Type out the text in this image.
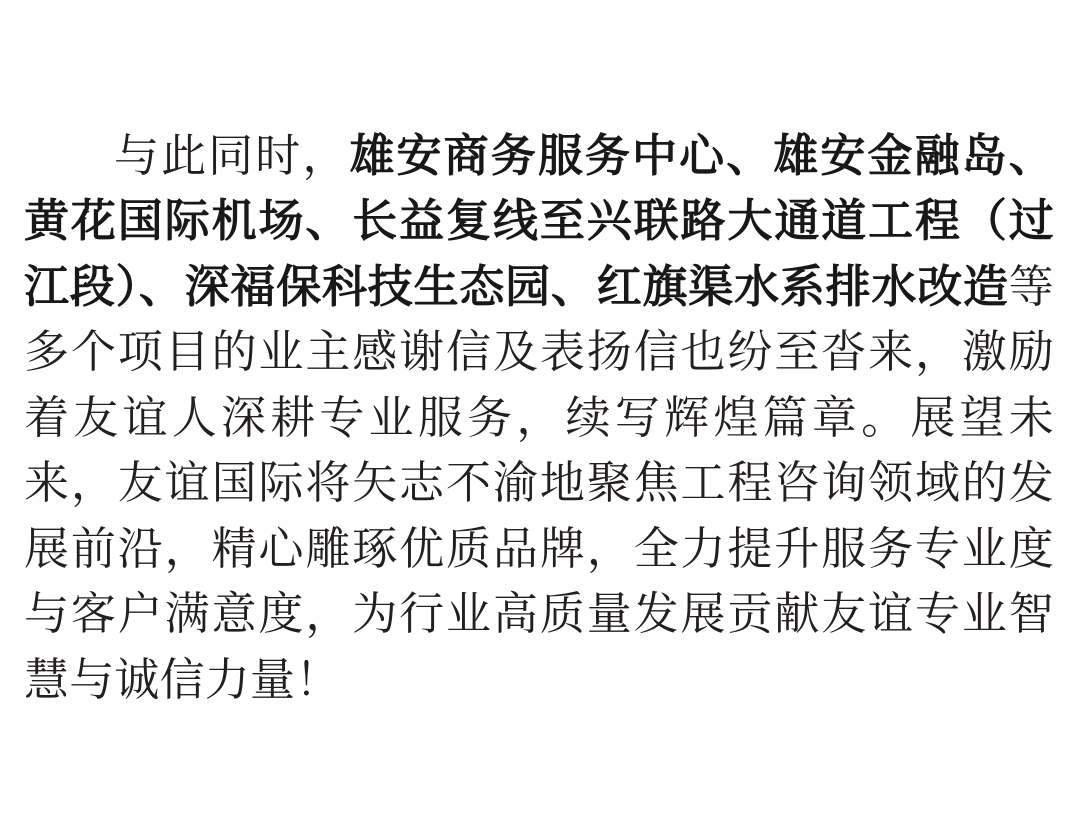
与此同时，雄安商务服务中心、雄安金融岛、黄花国际机场、长益复线至兴联路大通道工程（过江段）、深福保科技生态园、红旗渠水系排水改造等多个项目的业主感谢信及表扬信也纷至沓来，激励着友谊人深耕专业服务，续写辉煌篇章。展望未来，友谊国际将矢志不渝地聚焦工程咨询领域的发展前沿，精心雕琢优质品牌，全力提升服务专业度与客户满意度，为行业高质量发展贡献友谊专业智慧与诚信力量！
